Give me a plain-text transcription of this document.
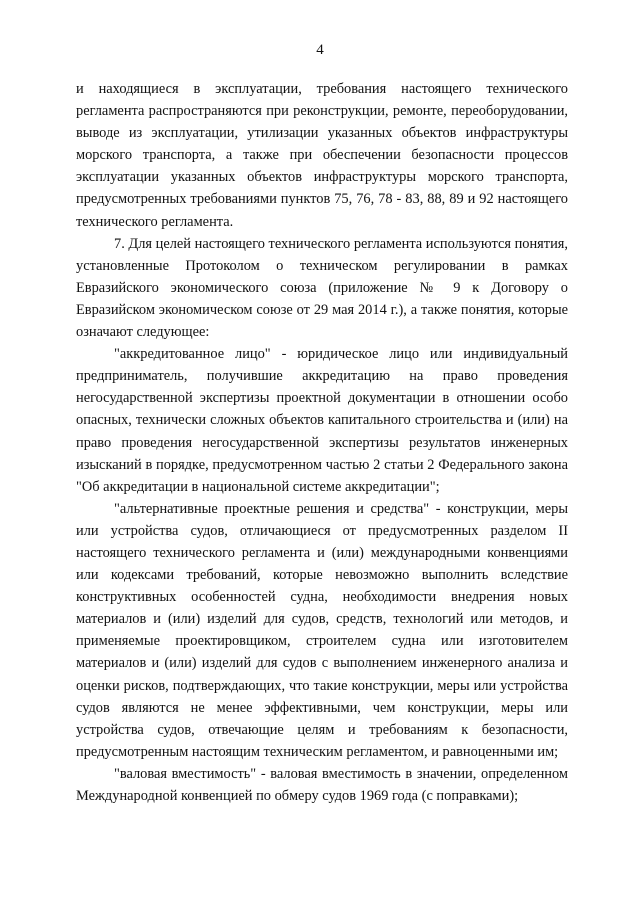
4

и находящиеся в эксплуатации, требования настоящего технического регламента распространяются при реконструкции, ремонте, переоборудовании, выводе из эксплуатации, утилизации указанных объектов инфраструктуры морского транспорта, а также при обеспечении безопасности процессов эксплуатации указанных объектов инфраструктуры морского транспорта, предусмотренных требованиями пунктов 75, 76, 78 - 83, 88, 89 и 92 настоящего технического регламента.

7. Для целей настоящего технического регламента используются понятия, установленные Протоколом о техническом регулировании в рамках Евразийского экономического союза (приложение № 9 к Договору о Евразийском экономическом союзе от 29 мая 2014 г.), а также понятия, которые означают следующее:

"аккредитованное лицо" - юридическое лицо или индивидуальный предприниматель, получившие аккредитацию на право проведения негосударственной экспертизы проектной документации в отношении особо опасных, технически сложных объектов капитального строительства и (или) на право проведения негосударственной экспертизы результатов инженерных изысканий в порядке, предусмотренном частью 2 статьи 2 Федерального закона "Об аккредитации в национальной системе аккредитации";

"альтернативные проектные решения и средства" - конструкции, меры или устройства судов, отличающиеся от предусмотренных разделом II настоящего технического регламента и (или) международными конвенциями или кодексами требований, которые невозможно выполнить вследствие конструктивных особенностей судна, необходимости внедрения новых материалов и (или) изделий для судов, средств, технологий или методов, и применяемые проектировщиком, строителем судна или изготовителем материалов и (или) изделий для судов с выполнением инженерного анализа и оценки рисков, подтверждающих, что такие конструкции, меры или устройства судов являются не менее эффективными, чем конструкции, меры или устройства судов, отвечающие целям и требованиям к безопасности, предусмотренным настоящим техническим регламентом, и равноценными им;

"валовая вместимость" - валовая вместимость в значении, определенном Международной конвенцией по обмеру судов 1969 года (с поправками);
